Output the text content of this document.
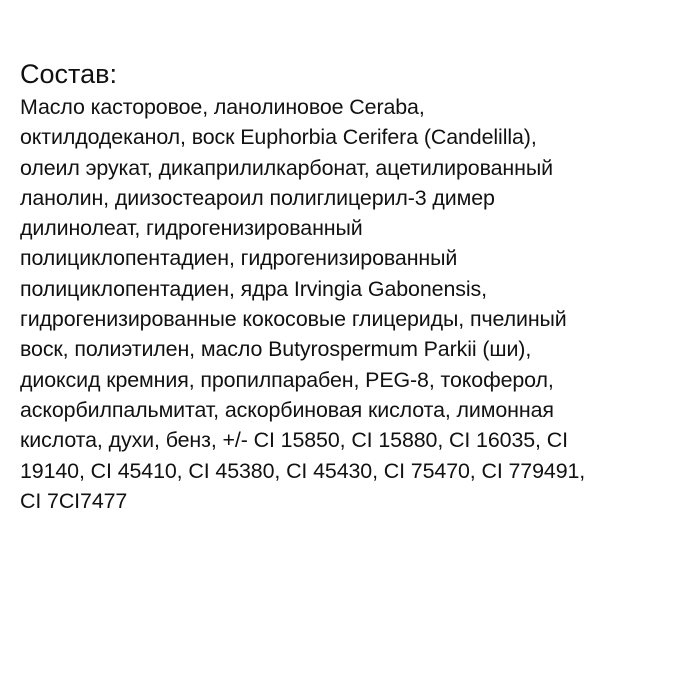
Состав:
Масло касторовое, ланолиновое Ceraba,
октилдодеканол, воск Euphorbia Cerifera (Candelilla),
олеил эрукат, дикаприлилкарбонат, ацетилированный
ланолин, диизостеароил полиглицерил-3 димер
дилинолеат, гидрогенизированный
полициклопентадиен, гидрогенизированный
полициклопентадиен, ядра Irvingia Gabonensis,
гидрогенизированные кокосовые глицериды, пчелиный
воск, полиэтилен, масло Butyrospermum Parkii (ши),
диоксид кремния, пропилпарабен, PEG-8, токоферол,
аскорбилпальмитат, аскорбиновая кислота, лимонная
кислота, духи, бенз, +/- CI 15850, CI 15880, CI 16035, CI
19140, CI 45410, CI 45380, CI 45430, CI 75470, CI 779491,
CI 7CI7477
